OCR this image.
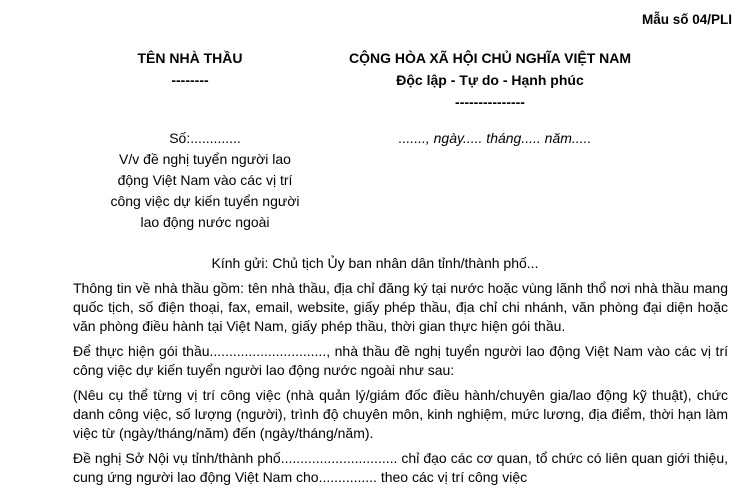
Mẫu số 04/PLI
TÊN NHÀ THẦU
--------
CỘNG HÒA XÃ HỘI CHỦ NGHĨA VIỆT NAM
Độc lập - Tự do - Hạnh phúc
---------------
Số:.............
V/v đề nghị tuyển người lao
động Việt Nam vào các vị trí
công việc dự kiến tuyển người
lao động nước ngoài
......., ngày..... tháng..... năm.....
Kính gửi: Chủ tịch Ủy ban nhân dân tỉnh/thành phố...

Thông tin về nhà thầu gồm: tên nhà thầu, địa chỉ đăng ký tại nước hoặc vùng lãnh thổ nơi nhà thầu mang quốc tịch, số điện thoại, fax, email, website, giấy phép thầu, địa chỉ chi nhánh, văn phòng đại diện hoặc văn phòng điều hành tại Việt Nam, giấy phép thầu, thời gian thực hiện gói thầu.

Để thực hiện gói thầu.............................., nhà thầu đề nghị tuyển người lao động Việt Nam vào các vị trí công việc dự kiến tuyển người lao động nước ngoài như sau:

(Nêu cụ thể từng vị trí công việc (nhà quản lý/giám đốc điều hành/chuyên gia/lao động kỹ thuật), chức danh công việc, số lượng (người), trình độ chuyên môn, kinh nghiệm, mức lương, địa điểm, thời hạn làm việc từ (ngày/tháng/năm) đến (ngày/tháng/năm).

Đề nghị Sở Nội vụ tỉnh/thành phố.............................. chỉ đạo các cơ quan, tổ chức có liên quan giới thiệu, cung ứng người lao động Việt Nam cho............... theo các vị trí công việc
